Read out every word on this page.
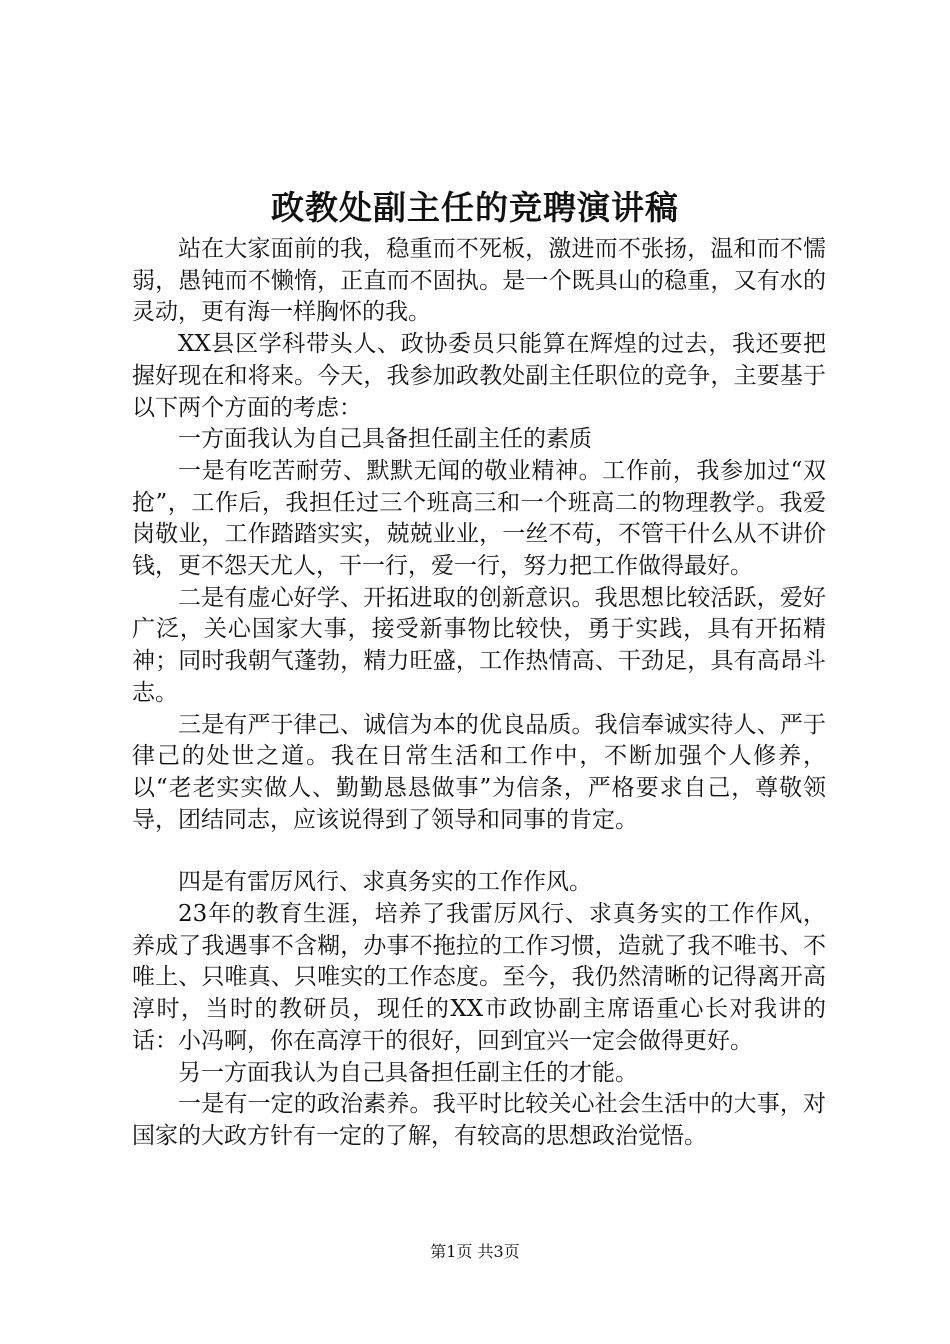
政教处副主任的竞聘演讲稿

站在大家面前的我，稳重而不死板，激进而不张扬，温和而不懦弱，愚钝而不懒惰，正直而不固执。是一个既具山的稳重，又有水的灵动，更有海一样胸怀的我。

XX县区学科带头人、政协委员只能算在辉煌的过去，我还要把握好现在和将来。今天，我参加政教处副主任职位的竞争，主要基于以下两个方面的考虑：

一方面我认为自己具备担任副主任的素质

一是有吃苦耐劳、默默无闻的敬业精神。工作前，我参加过“双抢”，工作后，我担任过三个班高三和一个班高二的物理教学。我爱岗敬业，工作踏踏实实，兢兢业业，一丝不苟，不管干什么从不讲价钱，更不怨天尤人，干一行，爱一行，努力把工作做得最好。

二是有虚心好学、开拓进取的创新意识。我思想比较活跃，爱好广泛，关心国家大事，接受新事物比较快，勇于实践，具有开拓精神；同时我朝气蓬勃，精力旺盛，工作热情高、干劲足，具有高昂斗志。

三是有严于律己、诚信为本的优良品质。我信奉诚实待人、严于律己的处世之道。我在日常生活和工作中，不断加强个人修养，以“老老实实做人、勤勤恳恳做事”为信条，严格要求自己，尊敬领导，团结同志，应该说得到了领导和同事的肯定。

四是有雷厉风行、求真务实的工作作风。

23年的教育生涯，培养了我雷厉风行、求真务实的工作作风，养成了我遇事不含糊，办事不拖拉的工作习惯，造就了我不唯书、不唯上、只唯真、只唯实的工作态度。至今，我仍然清晰的记得离开高淳时，当时的教研员，现任的XX市政协副主席语重心长对我讲的话：小冯啊，你在高淳干的很好，回到宜兴一定会做得更好。

另一方面我认为自己具备担任副主任的才能。

一是有一定的政治素养。我平时比较关心社会生活中的大事，对国家的大政方针有一定的了解，有较高的思想政治觉悟。

第1页 共3页
